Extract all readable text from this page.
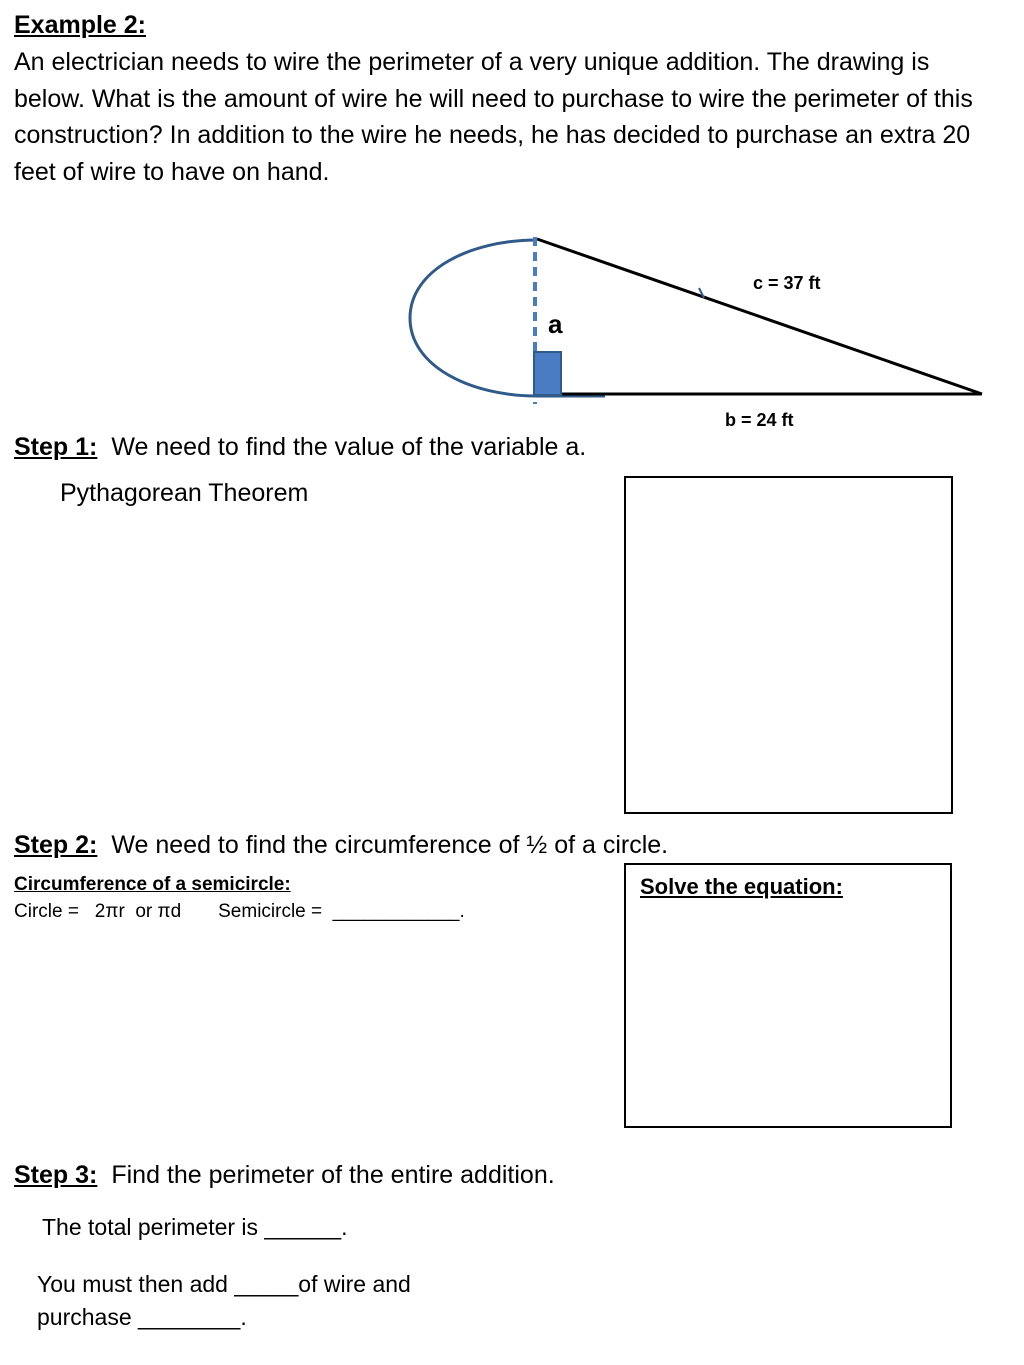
Example 2:
An electrician needs to wire the perimeter of a very unique addition. The drawing is below. What is the amount of wire he will need to purchase to wire the perimeter of this construction? In addition to the wire he needs, he has decided to purchase an extra 20 feet of wire to have on hand.
a
c = 37 ft
b = 24 ft
Step 1: We need to find the value of the variable a.
Pythagorean Theorem
Step 2: We need to find the circumference of ½ of a circle.
Circumference of a semicircle:
Circle =   2πr  or πd       Semicircle =  ____________.
Solve the equation:
Step 3: Find the perimeter of the entire addition.
The total perimeter is ______.
You must then add _____of wire and
purchase ________.
